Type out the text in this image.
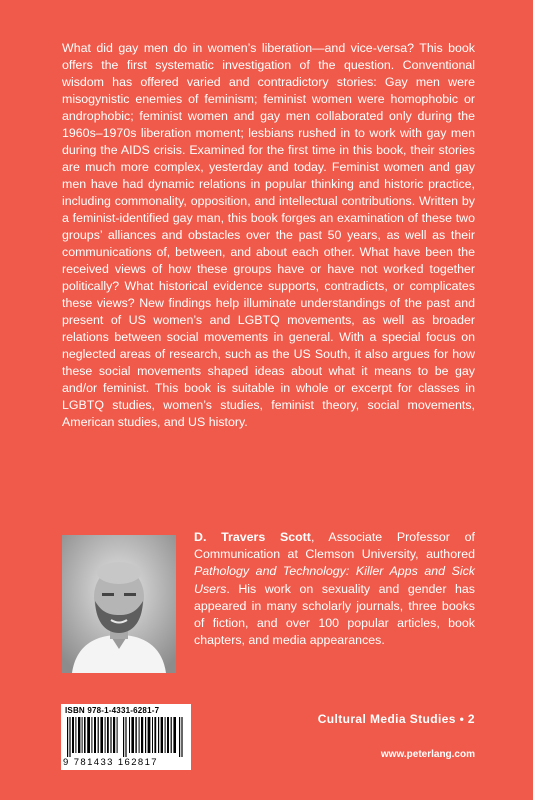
What did gay men do in women’s liberation—and vice-versa? This book offers the first systematic investigation of the question. Conventional wisdom has offered varied and contradictory stories: Gay men were misogynistic enemies of feminism; feminist women were homophobic or androphobic; feminist women and gay men collaborated only during the 1960s–1970s liberation moment; lesbians rushed in to work with gay men during the AIDS crisis. Examined for the first time in this book, their stories are much more complex, yesterday and today. Feminist women and gay men have had dynamic relations in popular thinking and historic practice, including commonality, opposition, and intellectual contributions. Written by a feminist-identified gay man, this book forges an examination of these two groups’ alliances and obstacles over the past 50 years, as well as their communications of, between, and about each other. What have been the received views of how these groups have or have not worked together politically? What historical evidence supports, contradicts, or complicates these views? New findings help illuminate understandings of the past and present of US women’s and LGBTQ movements, as well as broader relations between social movements in general. With a special focus on neglected areas of research, such as the US South, it also argues for how these social movements shaped ideas about what it means to be gay and/or feminist. This book is suitable in whole or excerpt for classes in LGBTQ studies, women’s studies, feminist theory, social movements, American studies, and US history.

D. Travers Scott, Associate Professor of Communication at Clemson University, authored Pathology and Technology: Killer Apps and Sick Users. His work on sexuality and gender has appeared in many scholarly journals, three books of fiction, and over 100 popular articles, book chapters, and media appearances.

ISBN 978-1-4331-6281-7
9 781433 162817
Cultural Media Studies • 2
www.peterlang.com
